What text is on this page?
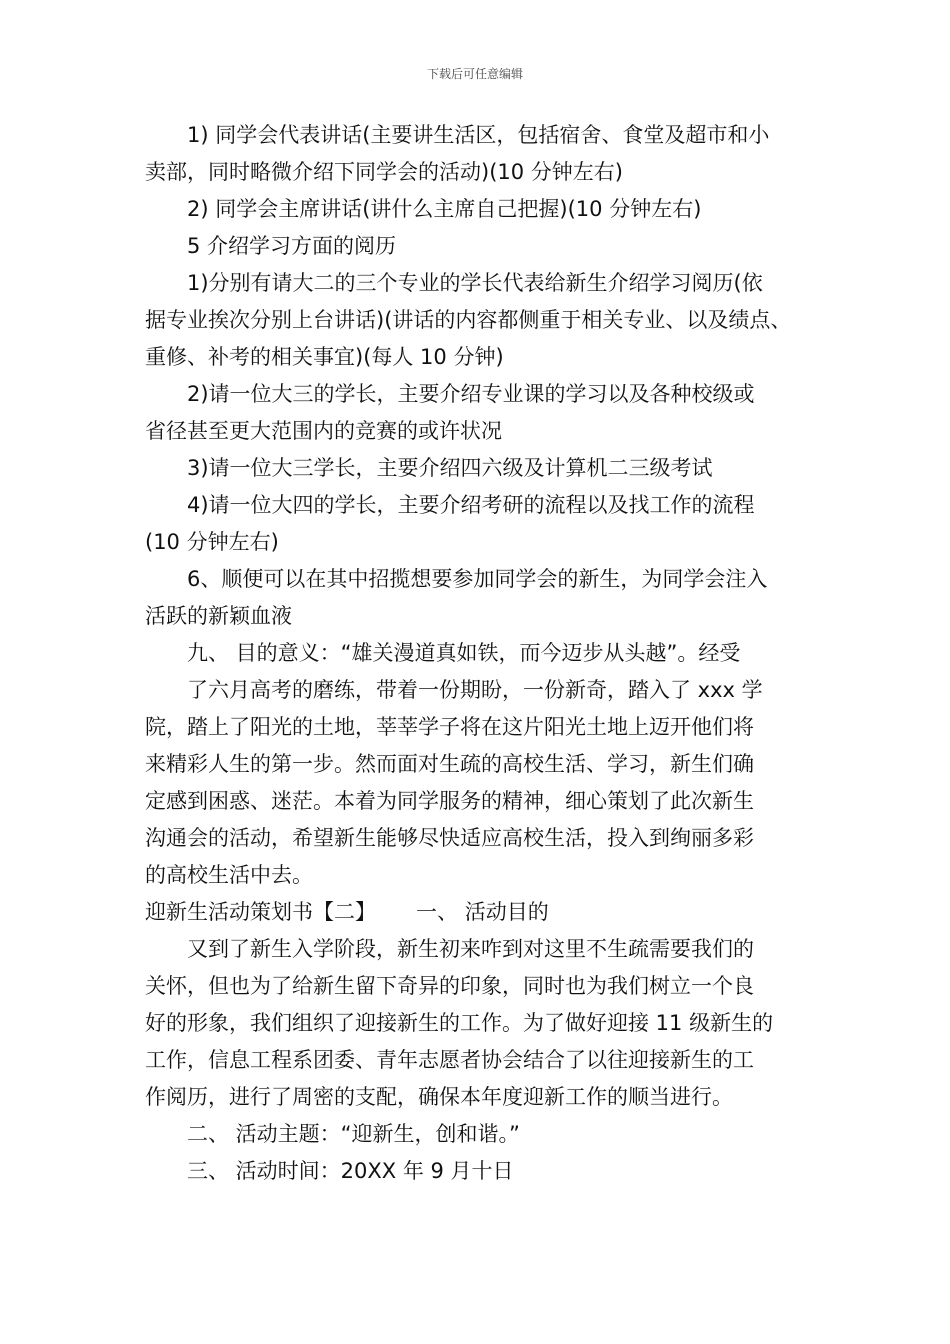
下载后可任意编辑

1) 同学会代表讲话(主要讲生活区，包括宿舍、食堂及超市和小

卖部，同时略微介绍下同学会的活动)(10 分钟左右)

2) 同学会主席讲话(讲什么主席自己把握)(10 分钟左右)

5 介绍学习方面的阅历

1)分别有请大二的三个专业的学长代表给新生介绍学习阅历(依

据专业挨次分别上台讲话)(讲话的内容都侧重于相关专业、以及绩点、

重修、补考的相关事宜)(每人 10 分钟)

2)请一位大三的学长，主要介绍专业课的学习以及各种校级或

省径甚至更大范围内的竞赛的或许状况

3)请一位大三学长，主要介绍四六级及计算机二三级考试

4)请一位大四的学长，主要介绍考研的流程以及找工作的流程

(10 分钟左右)

6、顺便可以在其中招揽想要参加同学会的新生，为同学会注入

活跃的新颖血液

九、 目的意义：“雄关漫道真如铁，而今迈步从头越”。经受

了六月高考的磨练，带着一份期盼，一份新奇，踏入了 xxx 学

院，踏上了阳光的土地，莘莘学子将在这片阳光土地上迈开他们将

来精彩人生的第一步。然而面对生疏的高校生活、学习，新生们确

定感到困惑、迷茫。本着为同学服务的精神，细心策划了此次新生

沟通会的活动，希望新生能够尽快适应高校生活，投入到绚丽多彩

的高校生活中去。

迎新生活动策划书【二】      一、 活动目的

又到了新生入学阶段，新生初来咋到对这里不生疏需要我们的

关怀，但也为了给新生留下奇异的印象，同时也为我们树立一个良

好的形象，我们组织了迎接新生的工作。为了做好迎接 11 级新生的

工作，信息工程系团委、青年志愿者协会结合了以往迎接新生的工

作阅历，进行了周密的支配，确保本年度迎新工作的顺当进行。

二、 活动主题：“迎新生，创和谐。”

三、 活动时间：20XX 年 9 月十日
